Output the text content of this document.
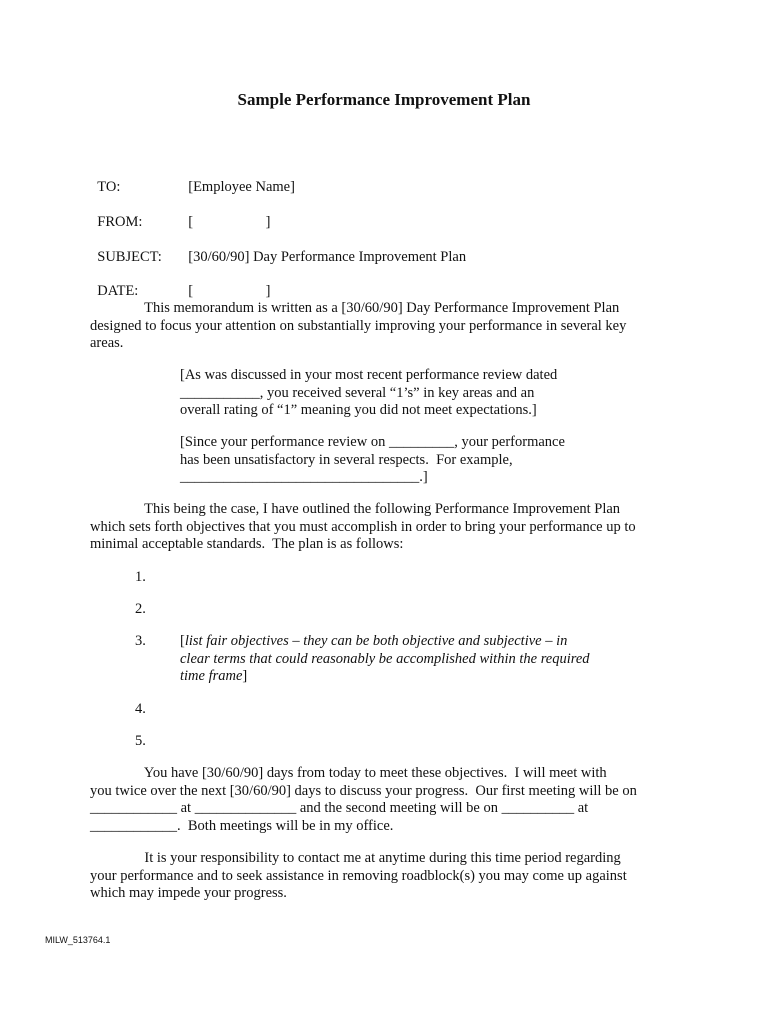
Sample Performance Improvement Plan

TO:	[Employee Name]

FROM:	[                    ]

SUBJECT: [30/60/90] Day Performance Improvement Plan

DATE:	[                    ]

This memorandum is written as a [30/60/90] Day Performance Improvement Plan
designed to focus your attention on substantially improving your performance in several key
areas.
[As was discussed in your most recent performance review dated
___________, you received several “1’s” in key areas and an
overall rating of “1” meaning you did not meet expectations.]
[Since your performance review on _________, your performance
has been unsatisfactory in several respects.  For example,
_________________________________.]
This being the case, I have outlined the following Performance Improvement Plan
which sets forth objectives that you must accomplish in order to bring your performance up to
minimal acceptable standards.  The plan is as follows:
1.
2.
3. [list fair objectives – they can be both objective and subjective – in
clear terms that could reasonably be accomplished within the required
time frame]
4.
5.
You have [30/60/90] days from today to meet these objectives.  I will meet with
you twice over the next [30/60/90] days to discuss your progress.  Our first meeting will be on
____________ at ______________ and the second meeting will be on __________ at
____________.  Both meetings will be in my office.
It is your responsibility to contact me at anytime during this time period regarding
your performance and to seek assistance in removing roadblock(s) you may come up against
which may impede your progress.
MILW_513764.1
